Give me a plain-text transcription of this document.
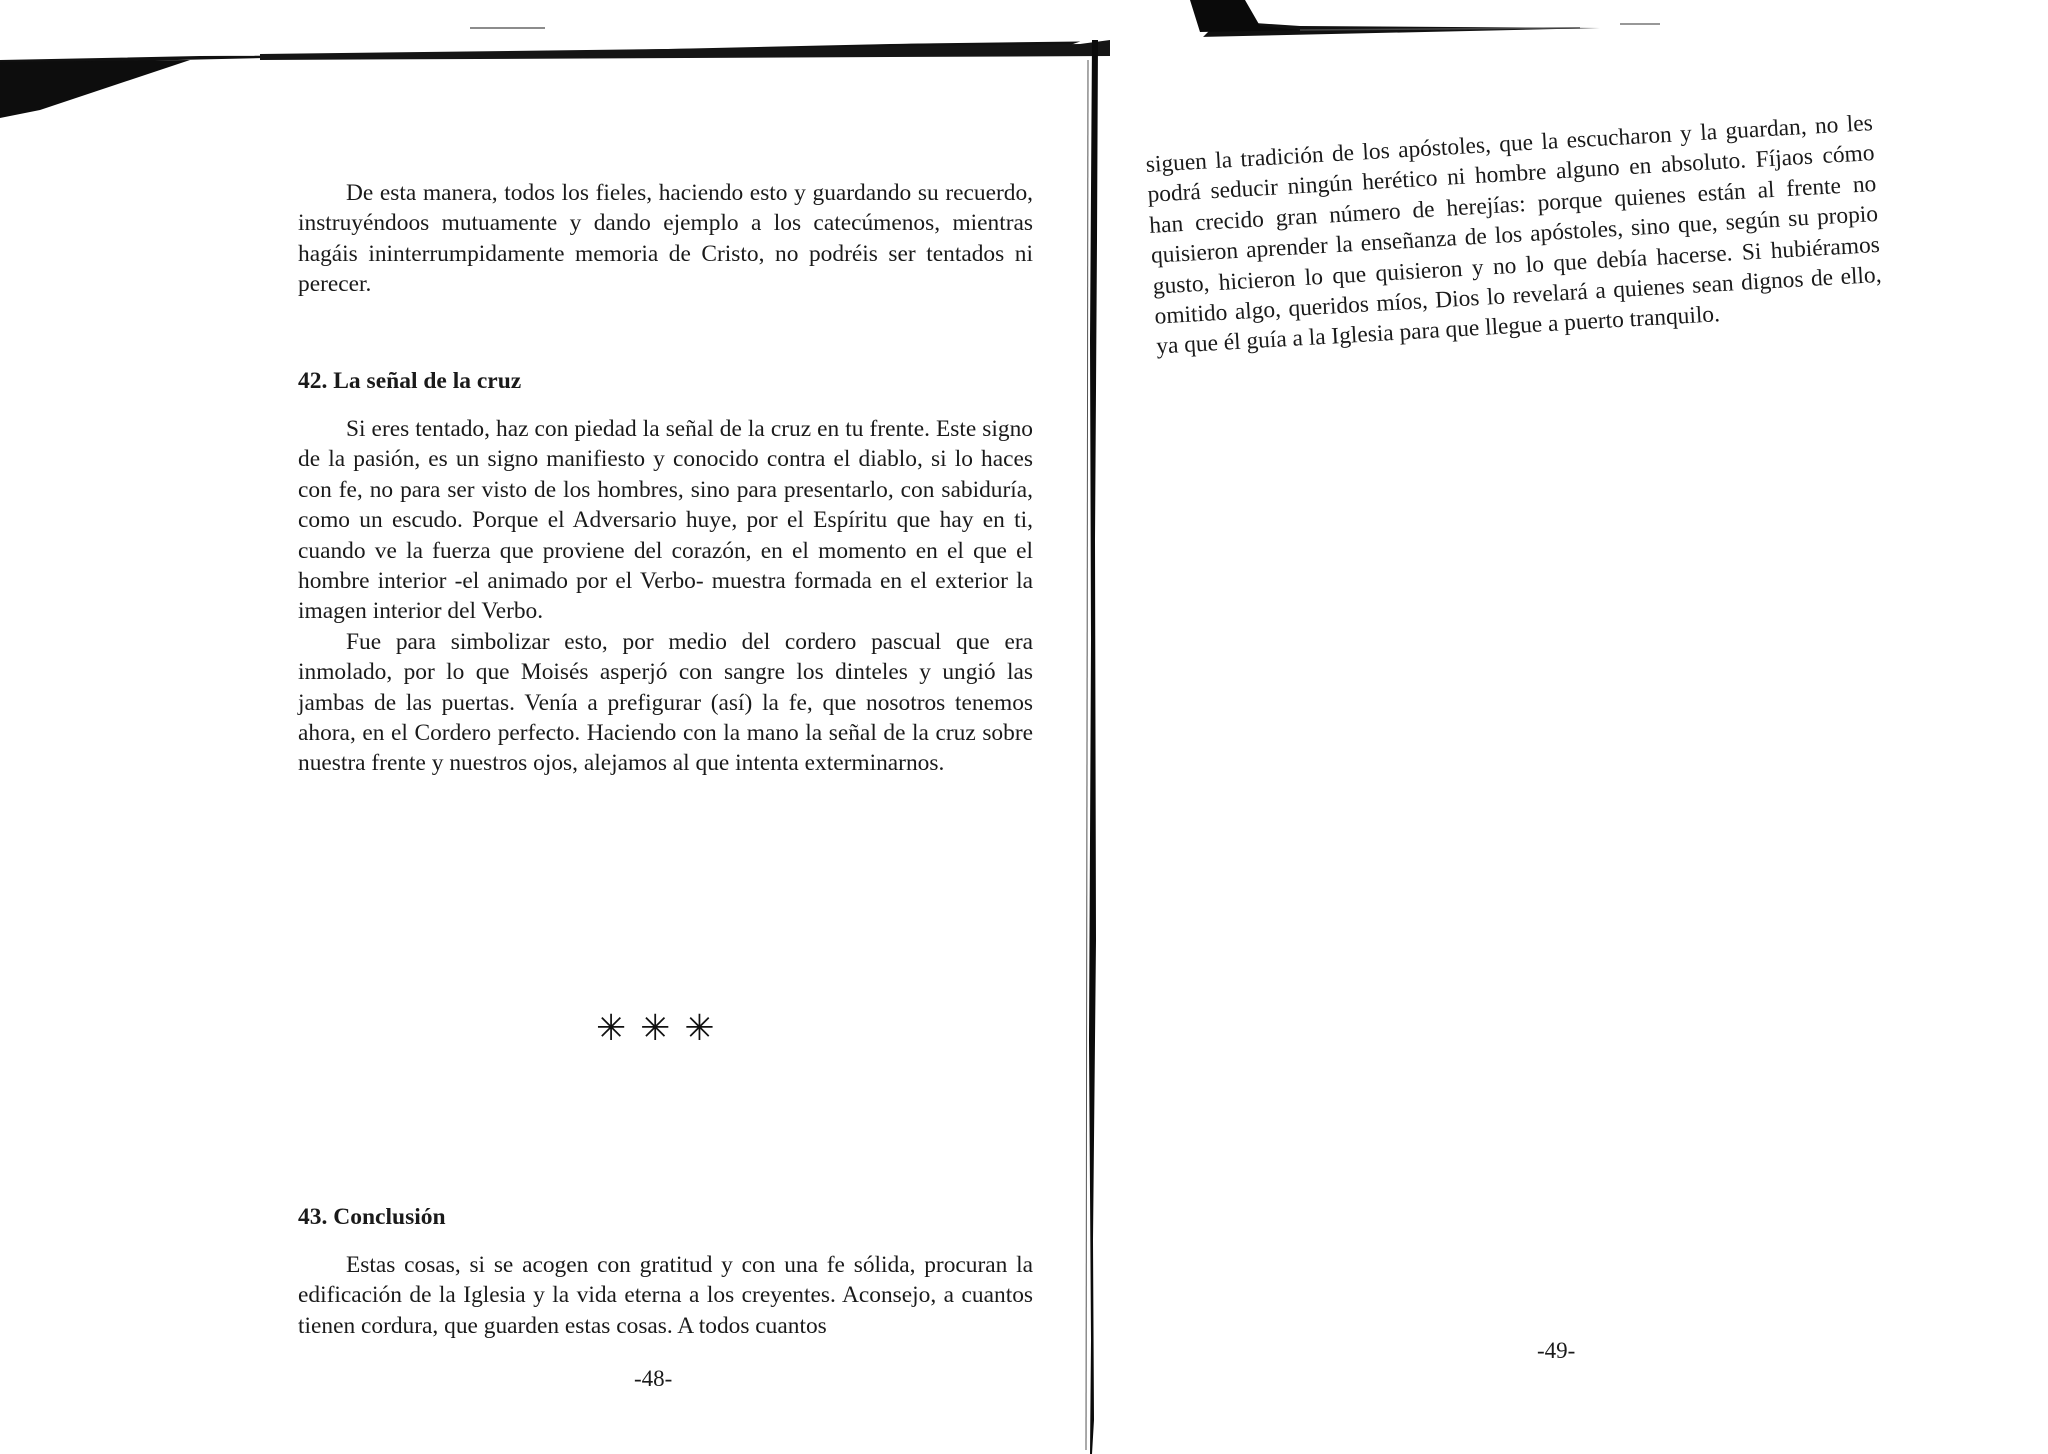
De esta manera, todos los fieles, haciendo esto y guardando su recuerdo, instruyéndoos mutuamente y dando ejemplo a los catecúmenos, mientras hagáis ininterrumpidamente memoria de Cristo, no podréis ser tentados ni perecer.

42. La señal de la cruz

Si eres tentado, haz con piedad la señal de la cruz en tu frente. Este signo de la pasión, es un signo manifiesto y conocido contra el diablo, si lo haces con fe, no para ser visto de los hombres, sino para presentarlo, con sabiduría, como un escudo. Porque el Adversario huye, por el Espíritu que hay en ti, cuando ve la fuerza que proviene del corazón, en el momento en el que el hombre interior -el animado por el Verbo- muestra formada en el exterior la imagen interior del Verbo.

Fue para simbolizar esto, por medio del cordero pascual que era inmolado, por lo que Moisés asperjó con sangre los dinteles y ungió las jambas de las puertas. Venía a prefigurar (así) la fe, que nosotros tenemos ahora, en el Cordero perfecto. Haciendo con la mano la señal de la cruz sobre nuestra frente y nuestros ojos, alejamos al que intenta exterminarnos.

✳✳✳
43. Conclusión

Estas cosas, si se acogen con gratitud y con una fe sólida, procuran la edificación de la Iglesia y la vida eterna a los creyentes. Aconsejo, a cuantos tienen cordura, que guarden estas cosas. A todos cuantos

-48-

siguen la tradición de los apóstoles, que la escucharon y la guardan, no les podrá seducir ningún herético ni hombre alguno en absoluto. Fíjaos cómo han crecido gran número de herejías: porque quienes están al frente no quisieron aprender la enseñanza de los apóstoles, sino que, según su propio gusto, hicieron lo que quisieron y no lo que debía hacerse. Si hubiéramos omitido algo, queridos míos, Dios lo revelará a quienes sean dignos de ello, ya que él guía a la Iglesia para que llegue a puerto tranquilo.

-49-
